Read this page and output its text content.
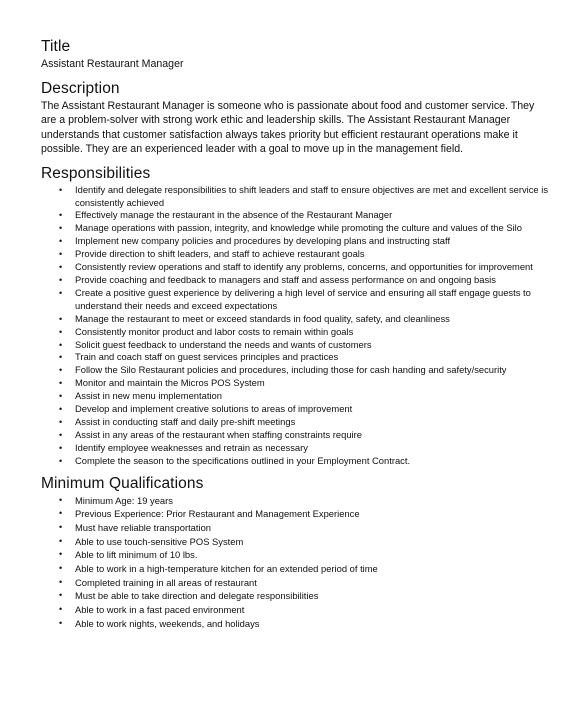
Title

Assistant Restaurant Manager

Description

The Assistant Restaurant Manager is someone who is passionate about food and customer service. They are a problem-solver with strong work ethic and leadership skills. The Assistant Restaurant Manager understands that customer satisfaction always takes priority but efficient restaurant operations make it possible. They are an experienced leader with a goal to move up in the management field.

Responsibilities
• Identify and delegate responsibilities to shift leaders and staff to ensure objectives are met and excellent service is consistently achieved
• Effectively manage the restaurant in the absence of the Restaurant Manager
• Manage operations with passion, integrity, and knowledge while promoting the culture and values of the Silo
• Implement new company policies and procedures by developing plans and instructing staff
• Provide direction to shift leaders, and staff to achieve restaurant goals
• Consistently review operations and staff to identify any problems, concerns, and opportunities for improvement
• Provide coaching and feedback to managers and staff and assess performance on and ongoing basis
• Create a positive guest experience by delivering a high level of service and ensuring all staff engage guests to understand their needs and exceed expectations
• Manage the restaurant to meet or exceed standards in food quality, safety, and cleanliness
• Consistently monitor product and labor costs to remain within goals
• Solicit guest feedback to understand the needs and wants of customers
• Train and coach staff on guest services principles and practices
• Follow the Silo Restaurant policies and procedures, including those for cash handing and safety/security
• Monitor and maintain the Micros POS System
• Assist in new menu implementation
• Develop and implement creative solutions to areas of improvement
• Assist in conducting staff and daily pre-shift meetings
• Assist in any areas of the restaurant when staffing constraints require
• Identify employee weaknesses and retrain as necessary
• Complete the season to the specifications outlined in your Employment Contract.
Minimum Qualifications
• Minimum Age: 19 years
• Previous Experience: Prior Restaurant and Management Experience
• Must have reliable transportation
• Able to use touch-sensitive POS System
• Able to lift minimum of 10 lbs.
• Able to work in a high-temperature kitchen for an extended period of time
• Completed training in all areas of restaurant
• Must be able to take direction and delegate responsibilities
• Able to work in a fast paced environment
• Able to work nights, weekends, and holidays
